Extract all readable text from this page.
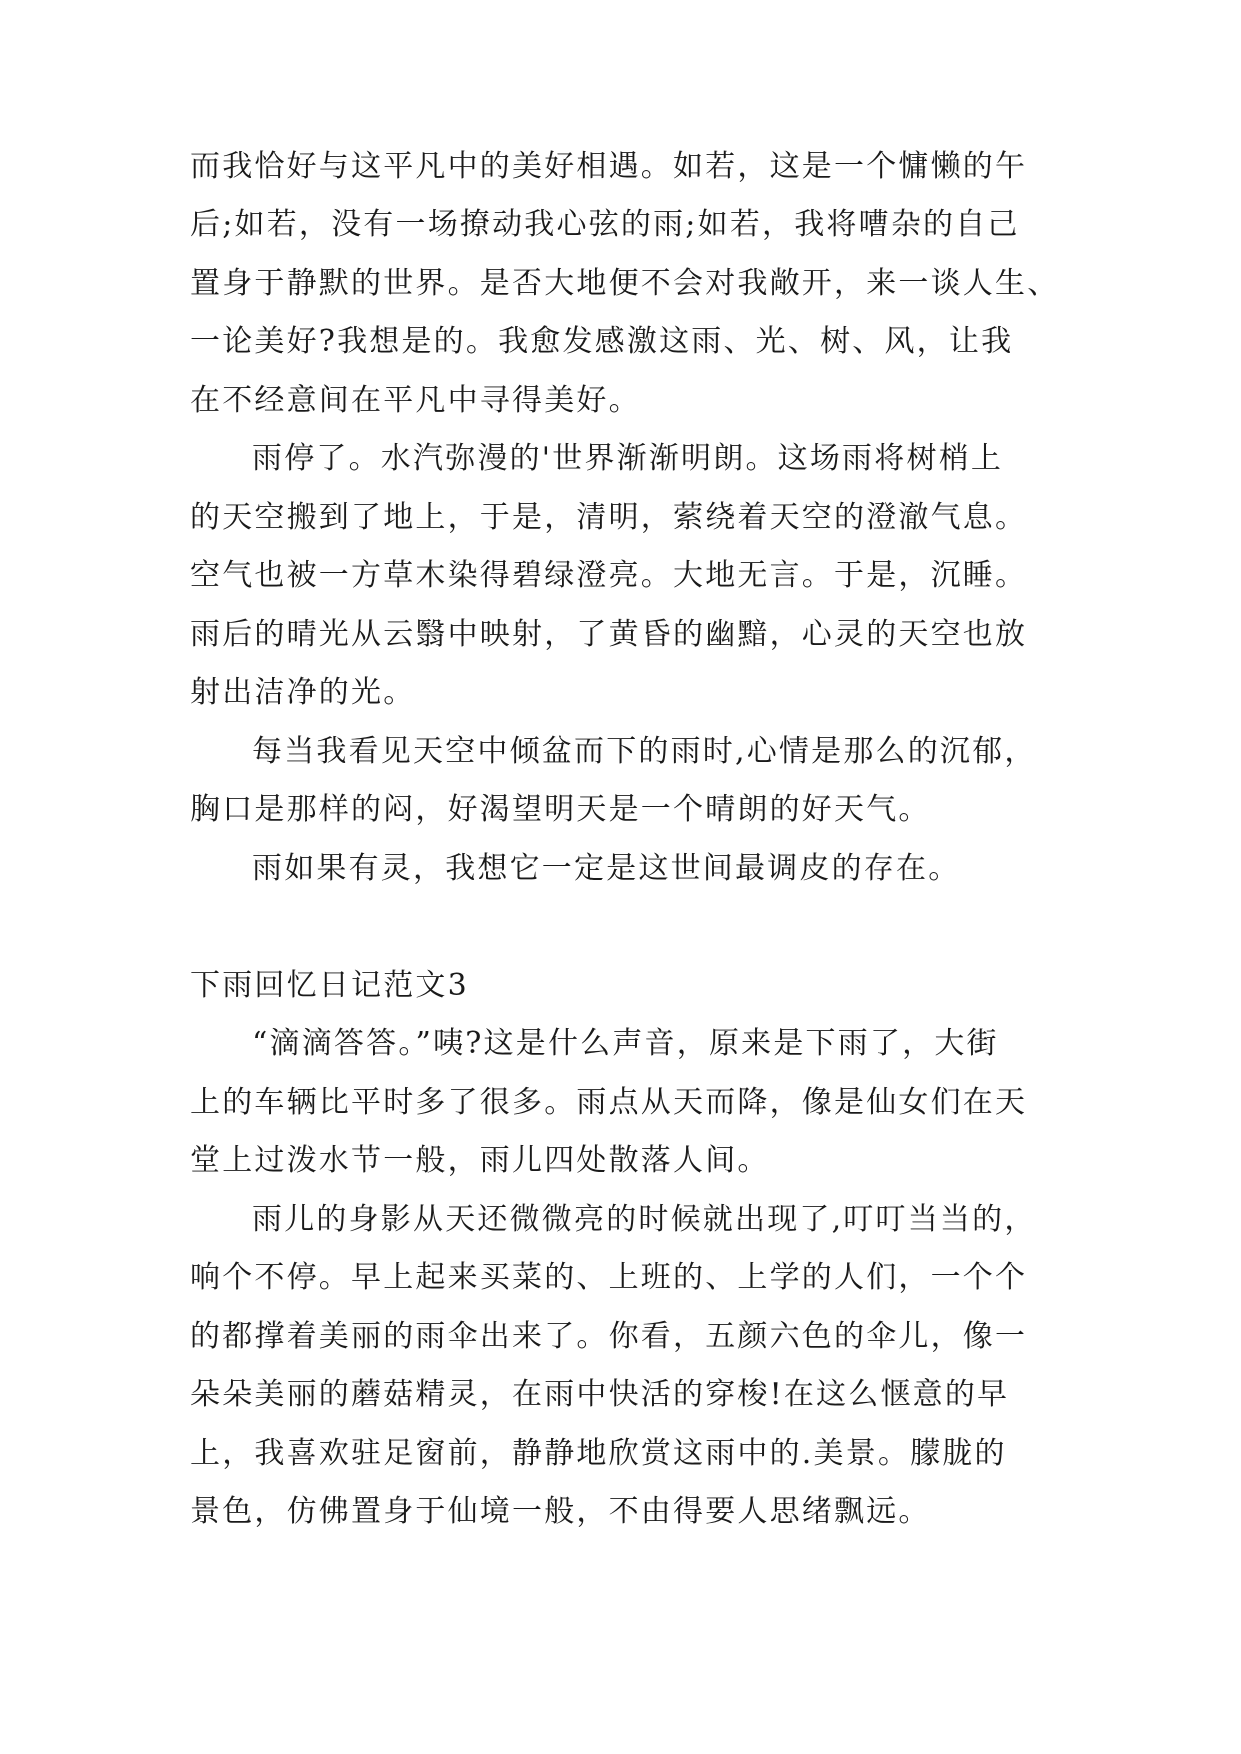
而我恰好与这平凡中的美好相遇。如若，这是一个慵懒的午
后;如若，没有一场撩动我心弦的雨;如若，我将嘈杂的自己
置身于静默的世界。是否大地便不会对我敞开，来一谈人生、
一论美好?我想是的。我愈发感激这雨、光、树、风，让我
在不经意间在平凡中寻得美好。
雨停了。水汽弥漫的'世界渐渐明朗。这场雨将树梢上
的天空搬到了地上，于是，清明，萦绕着天空的澄澈气息。
空气也被一方草木染得碧绿澄亮。大地无言。于是，沉睡。
雨后的晴光从云翳中映射，了黄昏的幽黯，心灵的天空也放
射出洁净的光。
每当我看见天空中倾盆而下的雨时,心情是那么的沉郁，
胸口是那样的闷，好渴望明天是一个晴朗的好天气。
雨如果有灵，我想它一定是这世间最调皮的存在。
下雨回忆日记范文3
“滴滴答答。”咦?这是什么声音，原来是下雨了，大街
上的车辆比平时多了很多。雨点从天而降，像是仙女们在天
堂上过泼水节一般，雨儿四处散落人间。
雨儿的身影从天还微微亮的时候就出现了,叮叮当当的，
响个不停。早上起来买菜的、上班的、上学的人们，一个个
的都撑着美丽的雨伞出来了。你看，五颜六色的伞儿，像一
朵朵美丽的蘑菇精灵，在雨中快活的穿梭!在这么惬意的早
上，我喜欢驻足窗前，静静地欣赏这雨中的.美景。朦胧的
景色，仿佛置身于仙境一般，不由得要人思绪飘远。
